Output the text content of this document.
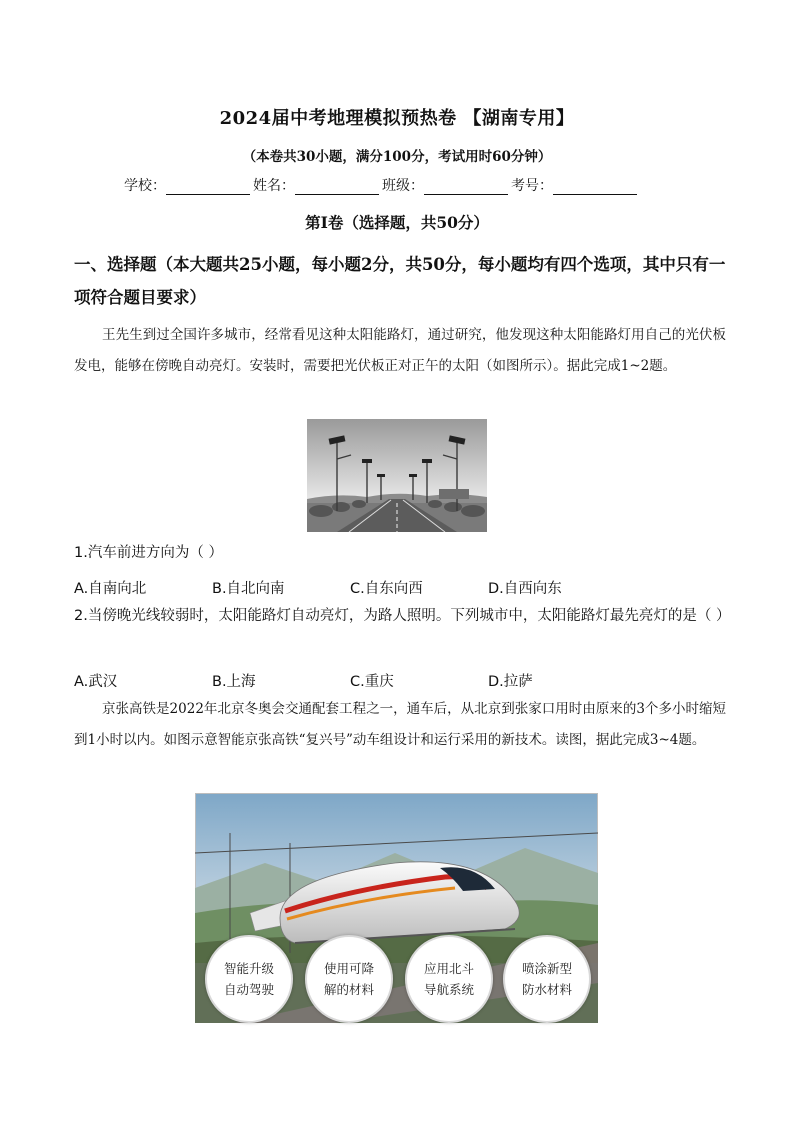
2024届中考地理模拟预热卷 【湖南专用】
（本卷共30小题，满分100分，考试用时60分钟）
学校：	姓名：	班级：	考号：
第I卷（选择题，共50分）
一、选择题（本大题共25小题，每小题2分，共50分，每小题均有四个选项，其中只有一项符合题目要求）
王先生到过全国许多城市，经常看见这种太阳能路灯，通过研究，他发现这种太阳能路灯用自己的光伏板发电，能够在傍晚自动亮灯。安装时，需要把光伏板正对正午的太阳（如图所示）。据此完成1~2题。
1.汽车前进方向为（ ）
A.自南向北	B.自北向南	C.自东向西	D.自西向东
2.当傍晚光线较弱时，太阳能路灯自动亮灯，为路人照明。下列城市中，太阳能路灯最先亮灯的是（ ）
A.武汉	B.上海	C.重庆	D.拉萨
京张高铁是2022年北京冬奥会交通配套工程之一，通车后，从北京到张家口用时由原来的3个多小时缩短到1小时以内。如图示意智能京张高铁“复兴号”动车组设计和运行采用的新技术。读图，据此完成3~4题。
智能升级
自动驾驶
使用可降
解的材料
应用北斗
导航系统
喷涂新型
防水材料
